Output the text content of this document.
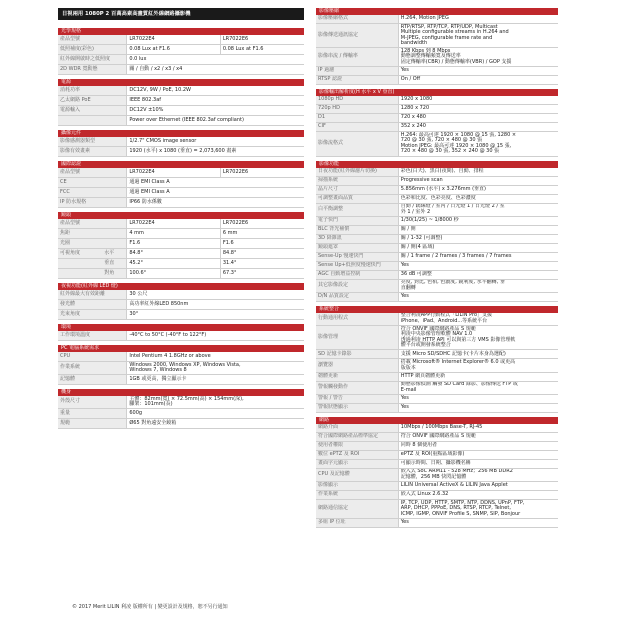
日視兩用 1080P 2 百萬高素高畫質紅外線網路攝影機
光學規格
產品型號	LR7022E4	LR7022E6
低照補度(彩色)	0.08 Lux at F1.6	0.08 Lux at F1.6
紅外線開啟時之低照度	0.0 lux	
2D WDR 寬動態	關 / 自動 / x2 / x3 / x4	
電源
消耗功率	DC12V, 9W / PoE, 10.2W
乙太網路 PoE	IEEE 802.3af
電源輸入	DC12V ±10%
	Power over Ethernet (IEEE 802.3af compliant)
攝像元件
影像感測器類型	1/2.7" CMOS image sensor
影像有效畫素	1920 (水平) x 1080 (垂直) = 2,073,600 畫素
國際認證
產品型號	LR7022E4	LR7022E6
CE	通過 EMI Class A	
FCC	通過 EMI Class A	
IP 防水規格	IP66 防水係數	
鏡頭
產品型號		LR7022E4	LR7022E6
焦距		4 mm	6 mm
光圈		F1.6	F1.6
可視角度	水平	84.8°	84.8°
	垂直	45.2°	31.4°
	對角	100.6°	67.3°
夜視功能(紅外線 LED 燈)
紅外線最大有效距離	30 公尺
發光體	高功率紅外線LED 850nm
光束角度	30°
環境
工作環境溫度	-40°C to 50°C (-40°F to 122°F)
PC 電腦系統需求
CPU	Intel Pentium 4 1.8GHz or above
作業系統	Windows 2000, Windows XP, Windows Vista,
Windows 7, Windows 8
記憶體	1GB 或更高，獨立顯示卡
機身
外殼尺寸	主體：82mm(寬) × 72.5mm(高) × 154mm(深),
腳架：101mm(長)
重量	600g
規範	Ø65 對角遠安全鏡箱
影像壓縮
影像壓縮格式	H.264, Motion JPEG
影像傳送通訊協定	RTP/RTSP, RTP/TCP, RTP/UDP, Multicast
Multiple configurable streams in H.264 and
M-JPEG, configurable frame rate and
bandwidth
影像串流 / 傳輸率	128 Kbps 到 8 Mbps
動態調整傳輸頻寬及傳送率
固定傳輸率(CBR) / 動態傳輸率(VBR) / GOP 支援
IP 過濾	Yes
RTSP 認證	On / Off
影像輸出解析度(H 水平 x V 垂直)
1080p HD	1920 x 1080
720p HD	1280 x 720
D1	720 x 480
CIF	352 x 240
影像流格式	H.264: 最高可達 1920 × 1080 @ 15 張, 1280 ×
720 @ 30 張, 720 × 480 @ 30 張
Motion JPEG: 最高可達 1920 × 1080 @ 15 張,
720 × 480 @ 30 張, 352 × 240 @ 30 張
影像功能
日夜功能(紅外線濾片切換)	彩色(白天)、黑白(夜間)、自動、排程
掃描系統	Progressive scan
晶片尺寸	5.856mm (水平) x 3.276mm (垂直)
可調整畫面品質	色彩和比度、色彩亮度、色彩濃度
白平衡調整	自動 / 鎢絲燈 / 室內 / 日光燈 1 / 日光燈 2 / 室
外 1 / 室外 2
電子快門	1/30(1/25) ~ 1/8000 秒
BLC 背光補償	關 / 開
3D 降雜訊	關 / 1-32 (可調整)
鏡頭遮罩	關 / 開(4 區域)
Sense-Up 慢速快門	關 / 1 frame / 2 frames / 3 frames / 7 frames
Sense Up+低照度慢速快門	Yes
AGC 自動增益控制	36 dB 可調整
其它影像設定	亮度, 對比, 色相, 色濃度, 銳利度, 水平翻轉, 垂
直翻轉
D/N 品質設定	Yes
系統整合
行動通用程式	整合利凌APP行動程式「LILIN Pro」支援
iPhone、iPad、Android...等系統平台
影像管理	符合 ONVIF 國際網路產品 S 規範
利凌中央影像管理軟體 NAV 1.0
透過利凌 HTTP API 可以與第三方 VMS 影像管理軟
體平台或開發系統整合
SD 記憶卡錄影	支援 Micro SD/SDHC 記憶卡(卡片本身為選配)
瀏覽器	搭載 Microsoft® Internet Explorer® 6.0 或更高
版版本
韌體更新	HTTP 網頁韌體更新
警報觸發動作	動態影像偵測 觸發 SD Card 錄影、影像傳送 FTP 或
E-mail
警報 / 警告	Yes
警報狀態顯示	Yes
網路
網路介面	10Mbps / 100Mbps Base-T, RJ-45
符合國際網路產品標準協定	符合 ONVIF 國際網路產品 S 規範
使用者權限	同時 8 個使用者
數位 ePTZ 及 ROI	ePTZ 及 ROI(重點區域影像)
畫面字元顯示	可顯示時間、日期、攝影機名稱
CPU 及記憶體	嵌入式 SoC ARM11 - 528 MHz；256 MB DDR2
記憶體，256 MB 快閃記憶體
影像顯示	LILIN Universal ActiveX & LILIN Java Applet
作業系統	嵌入式 Linux 2.6.32
網路通信協定	IP, TCP, UDP, HTTP, SMTP, NTP, DDNS, UPnP, FTP,
ARP, DHCP, PPPoE, DNS, RTSP, RTCP, Telnet,
ICMP, IGMP, ONVIF Profile S, SNMP, SIP, Bonjour
多組 IP 位址	Yes
© 2017 Merit LILIN 利凌 版權所有 | 變更設計及規格，恕不另行通知
